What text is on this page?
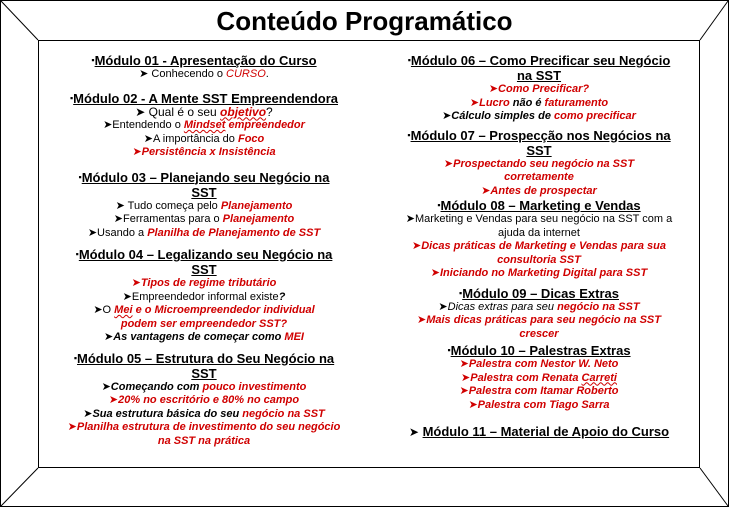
Conteúdo Programático
▪Módulo 01 - Apresentação do Curso
➤ Conhecendo o CURSO.
▪Módulo 02 - A Mente SST Empreendendora
➤ Qual é o seu objetivo?
➤Entendendo o Mindset empreendedor
➤A importância do Foco
➤Persistência x Insistência
▪Módulo 03 – Planejando seu Negócio na
SST
➤ Tudo começa pelo Planejamento
➤Ferramentas para o Planejamento
➤Usando a Planilha de Planejamento de SST
▪Módulo 04 – Legalizando seu Negócio na
SST
➤Tipos de regime tributário
➤Empreendedor informal existe?
➤O Mei e o Microempreendedor individual
podem ser empreendedor SST?
➤As vantagens de começar como MEI
▪Módulo 05 – Estrutura do Seu Negócio na
SST
➤Começando com pouco investimento
➤20% no escritório e 80% no campo
➤Sua estrutura básica do seu negócio na SST
➤Planilha estrutura de investimento do seu negócio
na SST na prática
▪Módulo 06 – Como Precificar seu Negócio
na SST
➤Como Precificar?
➤Lucro não é faturamento
➤Cálculo simples de como precificar
▪Módulo 07 – Prospecção nos Negócios na
SST
➤Prospectando seu negócio na SST
corretamente
➤Antes de prospectar
▪Módulo 08 – Marketing e Vendas
➤Marketing e Vendas para seu negócio na SST com a
ajuda da internet
➤Dicas práticas de Marketing e Vendas para sua
consultoria SST
➤Iniciando no Marketing Digital para SST
▪Módulo 09 – Dicas Extras
➤Dicas extras para seu negócio na SST
➤Mais dicas práticas para seu negócio na SST
crescer
▪Módulo 10 – Palestras Extras
➤Palestra com Nestor W. Neto
➤Palestra com Renata Carreti
➤Palestra com Itamar Roberto
➤Palestra com Tiago Sarra
➤ Módulo 11 – Material de Apoio do Curso
